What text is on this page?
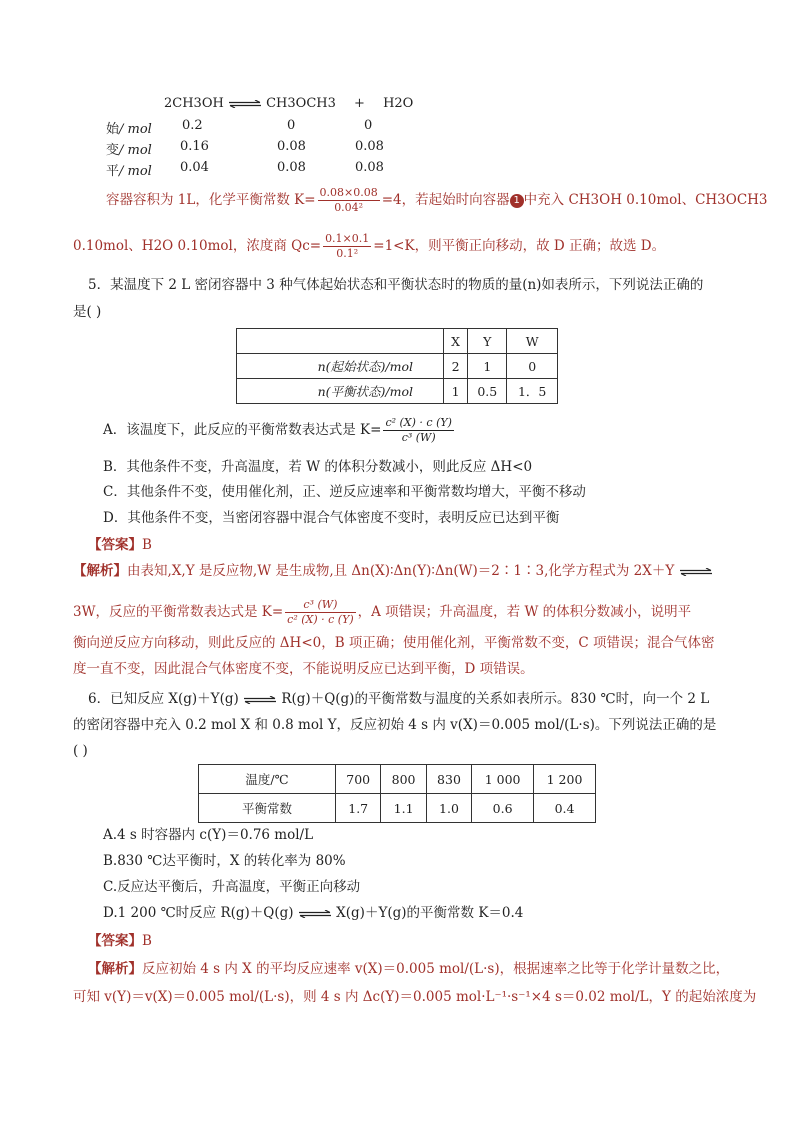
2CH3OH ⇌ CH3OCH3 + H2O
始/ mol 0.2	0	0
变/ mol 0.16	0.08	0.08
平/ mol 0.04	0.08	0.08
容器容积为 1L，化学平衡常数 $K= \frac{0.08\times 0.08}{\text{0.04²}} =4$，若起始时向容器 1 中充入 CH3OH 0.10mol、CH3OCH3
0.10mol、H2O 0.10mol，浓度商 $Qc= \frac{0.1\times 0.1}{\text{0.1²}} =1<K$，则平衡正向移动，故 D 正确；故选 D。
5．某温度下 2 L 密闭容器中 3 种气体起始状态和平衡状态时的物质的量(n)如表所示，下列说法正确的
是( )
	X	Y	W
n(起始状态)/mol	2	1	0
n(平衡状态)/mol	1	0.5	1．5
A．该温度下，此反应的平衡常数表达式是 $K= \frac{\text{c² (X) · c (Y)}}{\text{c³ (W)}}$
B．其他条件不变，升高温度，若 W 的体积分数减小，则此反应 ΔH<0
C．其他条件不变，使用催化剂，正、逆反应速率和平衡常数均增大，平衡不移动
D．其他条件不变，当密闭容器中混合气体密度不变时，表明反应已达到平衡
【答案】B
【解析】由表知,X,Y 是反应物,W 是生成物,且 Δn(X)∶Δn(Y)∶Δn(W)＝2∶1∶3,化学方程式为 2X＋Y ⇌
3W，反应的平衡常数表达式是 $K= \frac{\text{c³ (W)}}{\text{c² (X) · c (Y)}}$ ，A 项错误；升高温度，若 W 的体积分数减小，说明平
衡向逆反应方向移动，则此反应的 ΔH<0，B 项正确；使用催化剂，平衡常数不变，C 项错误；混合气体密
度一直不变，因此混合气体密度不变，不能说明反应已达到平衡，D 项错误。
6．已知反应 X(g)＋Y(g) ⇌ R(g)＋Q(g)的平衡常数与温度的关系如表所示。830 ℃时，向一个 2 L
的密闭容器中充入 0.2 mol X 和 0.8 mol Y，反应初始 4 s 内 v(X)＝0.005 mol/(L·s)。下列说法正确的是
( )
温度/℃	700	800	830	1 000	1 200
平衡常数	1.7	1.1	1.0	0.6	0.4
A.4 s 时容器内 c(Y)＝0.76 mol/L
B.830 ℃达平衡时，X 的转化率为 80%
C.反应达平衡后，升高温度，平衡正向移动
D.1 200 ℃时反应 R(g)＋Q(g) ⇌ X(g)＋Y(g)的平衡常数 K＝0.4
【答案】B
【解析】反应初始 4 s 内 X 的平均反应速率 v(X)＝0.005 mol/(L·s)，根据速率之比等于化学计量数之比，
可知 v(Y)＝v(X)＝0.005 mol/(L·s)，则 4 s 内 Δc(Y)＝0.005 mol·L⁻¹·s⁻¹×4 s＝0.02 mol/L，Y 的起始浓度为
